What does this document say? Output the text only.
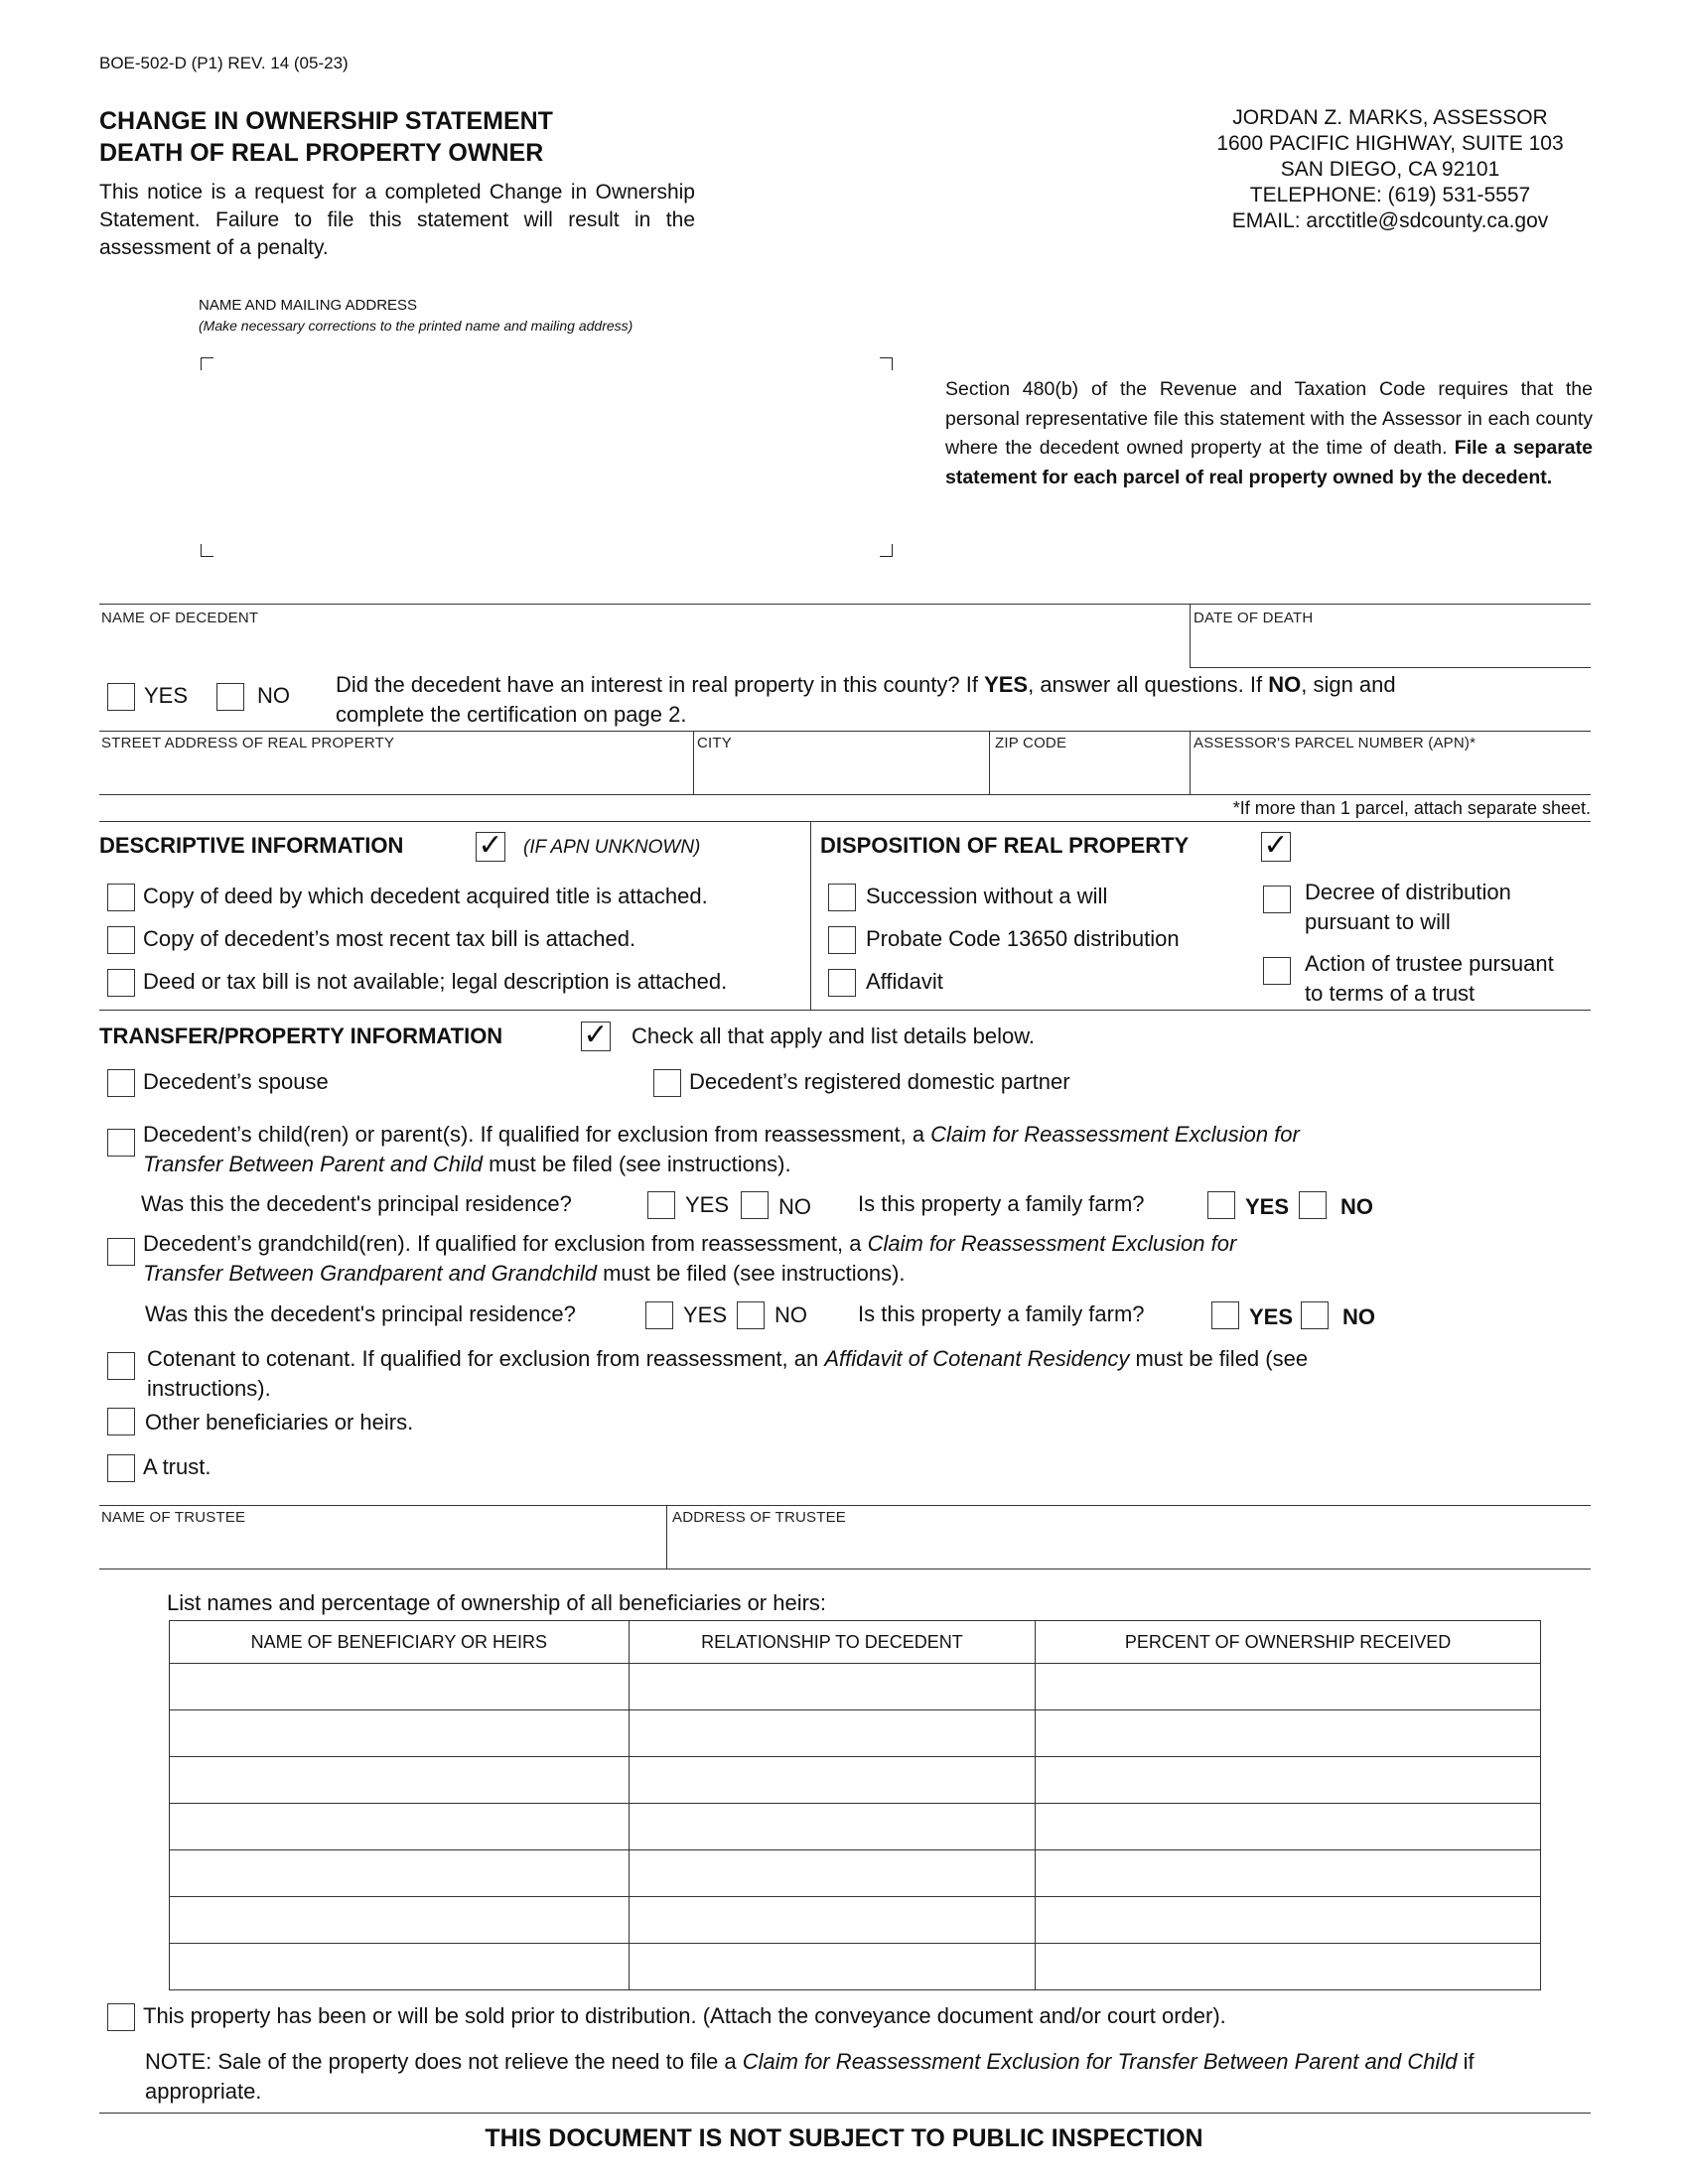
BOE-502-D (P1) REV. 14 (05-23)
CHANGE IN OWNERSHIP STATEMENT
DEATH OF REAL PROPERTY OWNER
This notice is a request for a completed Change in Ownership Statement. Failure to file this statement will result in the assessment of a penalty.
JORDAN Z. MARKS, ASSESSOR
1600 PACIFIC HIGHWAY, SUITE 103
SAN DIEGO, CA 92101
TELEPHONE: (619) 531-5557
EMAIL: arcctitle@sdcounty.ca.gov
NAME AND MAILING ADDRESS
(Make necessary corrections to the printed name and mailing address)
Section 480(b) of the Revenue and Taxation Code requires that the personal representative file this statement with the Assessor in each county where the decedent owned property at the time of death. File a separate statement for each parcel of real property owned by the decedent.
NAME OF DECEDENT	DATE OF DEATH
YES	NO Did the decedent have an interest in real property in this county? If YES, answer all questions. If NO, sign and
complete the certification on page 2.
STREET ADDRESS OF REAL PROPERTY	CITY	ZIP CODE	ASSESSOR'S PARCEL NUMBER (APN)*
*If more than 1 parcel, attach separate sheet.
DESCRIPTIVE INFORMATION	✓ (IF APN UNKNOWN)
Copy of deed by which decedent acquired title is attached.
Copy of decedent’s most recent tax bill is attached.
Deed or tax bill is not available; legal description is attached.
DISPOSITION OF REAL PROPERTY	✓
Succession without a will
Probate Code 13650 distribution
Affidavit
Decree of distribution
pursuant to will
Action of trustee pursuant
to terms of a trust
TRANSFER/PROPERTY INFORMATION	✓ Check all that apply and list details below.
Decedent’s spouse	Decedent’s registered domestic partner
Decedent’s child(ren) or parent(s). If qualified for exclusion from reassessment, a Claim for Reassessment Exclusion for
Transfer Between Parent and Child must be filed (see instructions).
Was this the decedent's principal residence?	YES NO Is this property a family farm?	YES NO
Decedent’s grandchild(ren). If qualified for exclusion from reassessment, a Claim for Reassessment Exclusion for
Transfer Between Grandparent and Grandchild must be filed (see instructions).
Was this the decedent's principal residence?	YES NO Is this property a family farm?	YES NO
Cotenant to cotenant. If qualified for exclusion from reassessment, an Affidavit of Cotenant Residency must be filed (see
instructions).
Other beneficiaries or heirs.
A trust.
NAME OF TRUSTEE	ADDRESS OF TRUSTEE
List names and percentage of ownership of all beneficiaries or heirs:
NAME OF BENEFICIARY OR HEIRS	RELATIONSHIP TO DECEDENT	PERCENT OF OWNERSHIP RECEIVED

This property has been or will be sold prior to distribution. (Attach the conveyance document and/or court order).
NOTE: Sale of the property does not relieve the need to file a Claim for Reassessment Exclusion for Transfer Between Parent and Child if appropriate.
THIS DOCUMENT IS NOT SUBJECT TO PUBLIC INSPECTION
